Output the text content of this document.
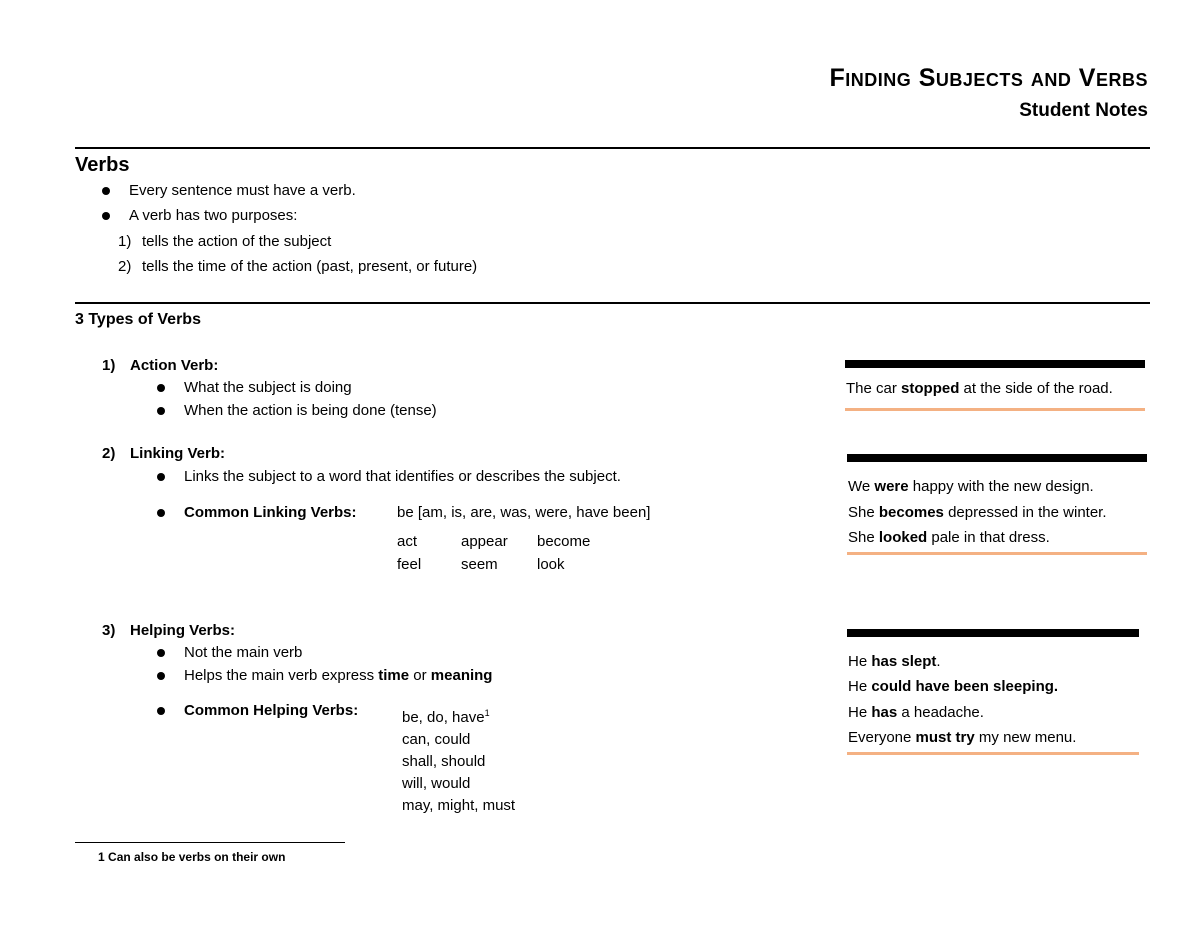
Finding Subjects and Verbs
Student Notes
Verbs
Every sentence must have a verb.
A verb has two purposes:
1) tells the action of the subject
2) tells the time of the action (past, present, or future)
3 Types of Verbs
1) Action Verb:
What the subject is doing
When the action is being done (tense)
2) Linking Verb:
Links the subject to a word that identifies or describes the subject.
Common Linking Verbs:	be [am, is, are, was, were, have been]
act	appear become
feel	seem	look
3) Helping Verbs:
Not the main verb
Helps the main verb express time or meaning
Common Helping Verbs:	be, do, have$^1$
can, could
shall, should
will, would
may, might, must
The car stopped at the side of the road.
We were happy with the new design.
She becomes depressed in the winter.
She looked pale in that dress.
He has slept.
He could have been sleeping.
He has a headache.
Everyone must try my new menu.
1 Can also be verbs on their own
